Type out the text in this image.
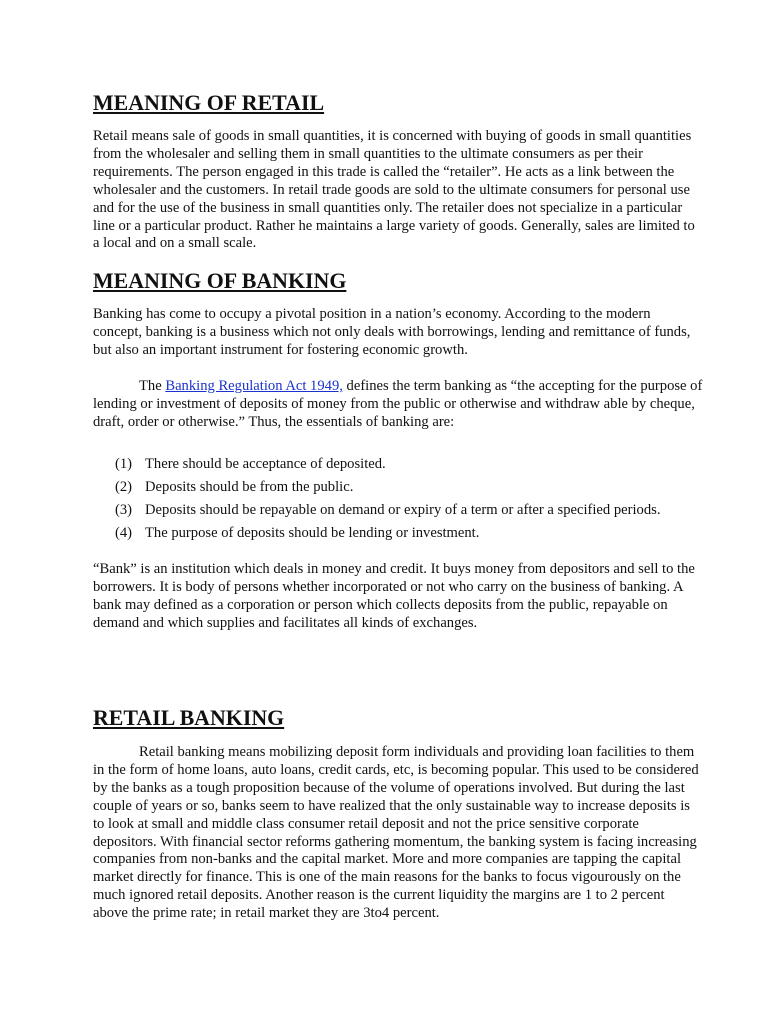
MEANING OF RETAIL

Retail means sale of goods in small quantities, it is concerned with buying of goods in small quantities from the wholesaler and selling them in small quantities to the ultimate consumers as per their requirements. The person engaged in this trade is called the “retailer”. He acts as a link between the wholesaler and the customers. In retail trade goods are sold to the ultimate consumers for personal use and for the use of the business in small quantities only. The retailer does not specialize in a particular line or a particular product. Rather he maintains a large variety of goods. Generally, sales are limited to a local and on a small scale.

MEANING OF BANKING

Banking has come to occupy a pivotal position in a nation’s economy. According to the modern concept, banking is a business which not only deals with borrowings, lending and remittance of funds, but also an important instrument for fostering economic growth.

The Banking Regulation Act 1949, defines the term banking as “the accepting for the purpose of lending or investment of deposits of money from the public or otherwise and withdraw able by cheque, draft, order or otherwise.” Thus, the essentials of banking are:

(1) There should be acceptance of deposited.
(2) Deposits should be from the public.
(3) Deposits should be repayable on demand or expiry of a term or after a specified periods.
(4) The purpose of deposits should be lending or investment.

“Bank” is an institution which deals in money and credit. It buys money from depositors and sell to the borrowers. It is body of persons whether incorporated or not who carry on the business of banking. A bank may defined as a corporation or person which collects deposits from the public, repayable on demand and which supplies and facilitates all kinds of exchanges.

RETAIL BANKING

Retail banking means mobilizing deposit form individuals and providing loan facilities to them in the form of home loans, auto loans, credit cards, etc, is becoming popular. This used to be considered by the banks as a tough proposition because of the volume of operations involved. But during the last couple of years or so, banks seem to have realized that the only sustainable way to increase deposits is to look at small and middle class consumer retail deposit and not the price sensitive corporate depositors. With financial sector reforms gathering momentum, the banking system is facing increasing companies from non-banks and the capital market. More and more companies are tapping the capital market directly for finance. This is one of the main reasons for the banks to focus vigourously on the much ignored retail deposits. Another reason is the current liquidity the margins are 1 to 2 percent above the prime rate; in retail market they are 3to4 percent.
